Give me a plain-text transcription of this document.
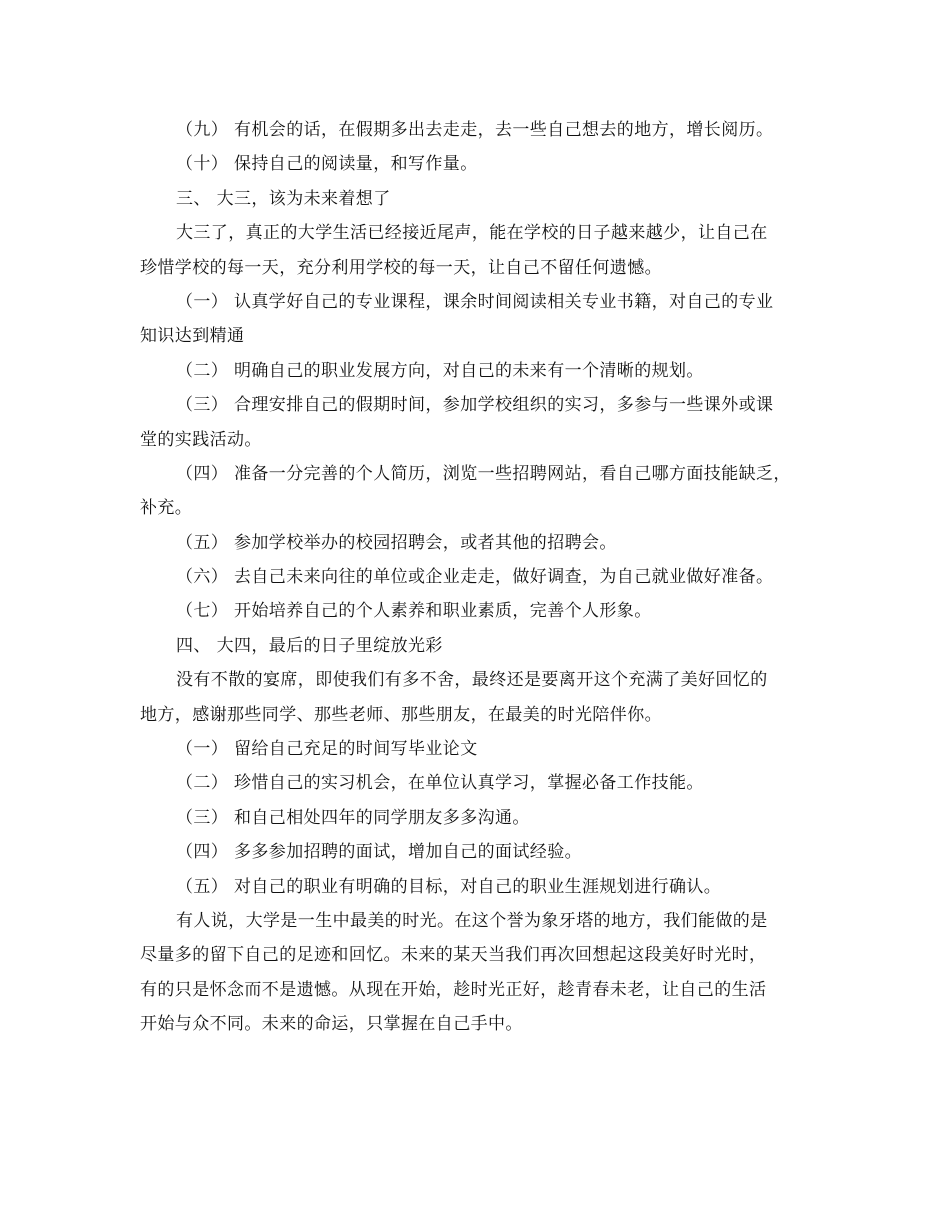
（九） 有机会的话，在假期多出去走走，去一些自己想去的地方，增长阅历。
（十） 保持自己的阅读量，和写作量。
三、 大三，该为未来着想了
大三了，真正的大学生活已经接近尾声，能在学校的日子越来越少，让自己在
珍惜学校的每一天，充分利用学校的每一天，让自己不留任何遗憾。
（一） 认真学好自己的专业课程，课余时间阅读相关专业书籍，对自己的专业
知识达到精通
（二） 明确自己的职业发展方向，对自己的未来有一个清晰的规划。
（三） 合理安排自己的假期时间，参加学校组织的实习，多参与一些课外或课
堂的实践活动。
（四） 准备一分完善的个人简历，浏览一些招聘网站，看自己哪方面技能缺乏，
补充。
（五） 参加学校举办的校园招聘会，或者其他的招聘会。
（六） 去自己未来向往的单位或企业走走，做好调查，为自己就业做好准备。
（七） 开始培养自己的个人素养和职业素质，完善个人形象。
四、 大四，最后的日子里绽放光彩
没有不散的宴席，即使我们有多不舍，最终还是要离开这个充满了美好回忆的
地方，感谢那些同学、那些老师、那些朋友，在最美的时光陪伴你。
（一） 留给自己充足的时间写毕业论文
（二） 珍惜自己的实习机会，在单位认真学习，掌握必备工作技能。
（三） 和自己相处四年的同学朋友多多沟通。
（四） 多多参加招聘的面试，增加自己的面试经验。
（五） 对自己的职业有明确的目标，对自己的职业生涯规划进行确认。
有人说，大学是一生中最美的时光。在这个誉为象牙塔的地方，我们能做的是
尽量多的留下自己的足迹和回忆。未来的某天当我们再次回想起这段美好时光时，
有的只是怀念而不是遗憾。从现在开始，趁时光正好，趁青春未老，让自己的生活
开始与众不同。未来的命运，只掌握在自己手中。
